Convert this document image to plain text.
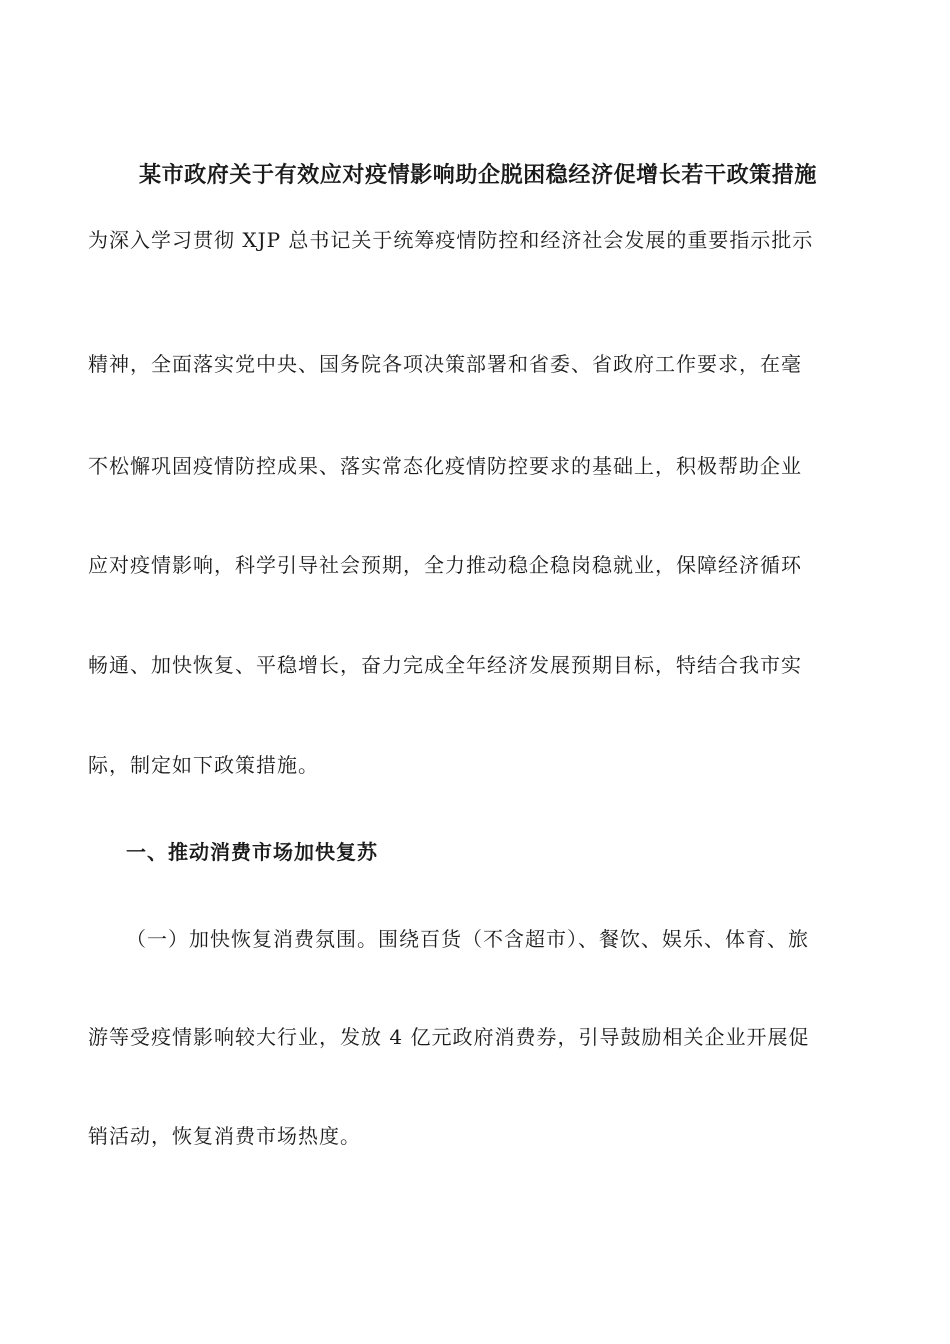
某市政府关于有效应对疫情影响助企脱困稳经济促增长若干政策措施

为深入学习贯彻 XJP 总书记关于统筹疫情防控和经济社会发展的重要指示批示

精神，全面落实党中央、国务院各项决策部署和省委、省政府工作要求，在毫

不松懈巩固疫情防控成果、落实常态化疫情防控要求的基础上，积极帮助企业

应对疫情影响，科学引导社会预期，全力推动稳企稳岗稳就业，保障经济循环

畅通、加快恢复、平稳增长，奋力完成全年经济发展预期目标，特结合我市实

际，制定如下政策措施。

一、推动消费市场加快复苏

（一）加快恢复消费氛围。围绕百货（不含超市）、餐饮、娱乐、体育、旅

游等受疫情影响较大行业，发放 4 亿元政府消费券，引导鼓励相关企业开展促

销活动，恢复消费市场热度。
